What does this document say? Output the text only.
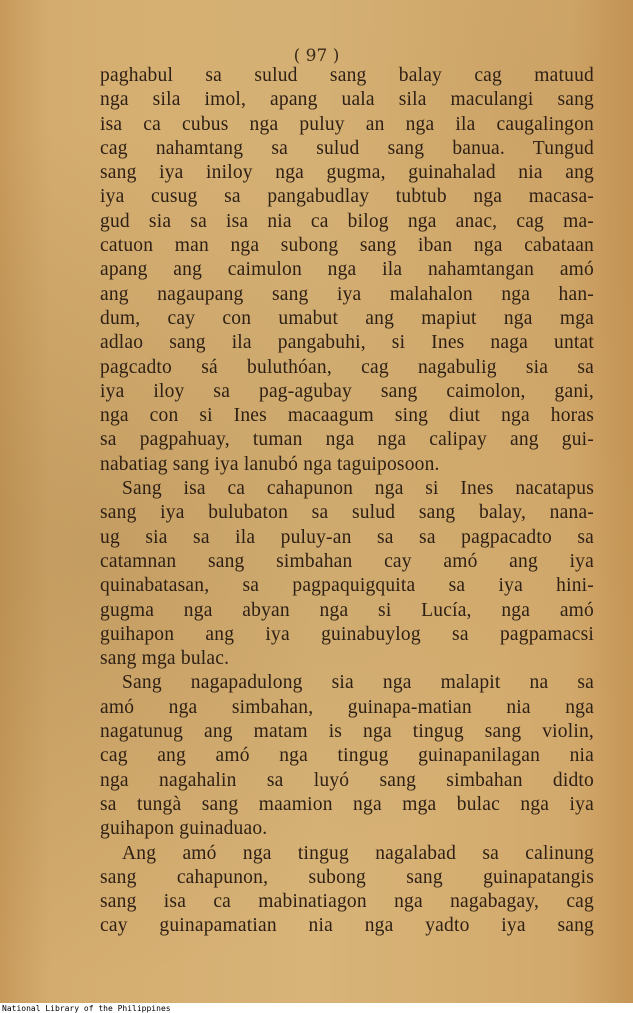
( 97 )
paghabul sa sulud sang balay cag matuud
nga sila imol, apang uala sila maculangi sang
isa ca cubus nga puluy an nga ila caugalingon
cag nahamtang sa sulud sang banua. Tungud
sang iya iniloy nga gugma, guinahalad nia ang
iya cusug sa pangabudlay tubtub nga macasa-
gud sia sa isa nia ca bilog nga anac, cag ma-
catuon man nga subong sang iban nga cabataan
apang ang caimulon nga ila nahamtangan amó
ang nagaupang sang iya malahalon nga han-
dum, cay con umabut ang mapiut nga mga
adlao sang ila pangabuhi, si Ines naga untat
pagcadto sá buluthóan, cag nagabulig sia sa
iya iloy sa pag-agubay sang caimolon, gani,
nga con si Ines macaagum sing diut nga horas
sa pagpahuay, tuman nga nga calipay ang gui-
nabatiag sang iya lanubó nga taguiposoon.
Sang isa ca cahapunon nga si Ines nacatapus
sang iya bulubaton sa sulud sang balay, nana-
ug sia sa ila puluy-an sa sa pagpacadto sa
catamnan sang simbahan cay amó ang iya
quinabatasan, sa pagpaquigquita sa iya hini-
gugma nga abyan nga si Lucía, nga amó
guihapon ang iya guinabuylog sa pagpamacsi
sang mga bulac.
Sang nagapadulong sia nga malapit na sa
amó nga simbahan, guinapa-matian nia nga
nagatunug ang matam is nga tingug sang violin,
cag ang amó nga tingug guinapanilagan nia
nga nagahalin sa luyó sang simbahan didto
sa tungà sang maamion nga mga bulac nga iya
guihapon guinaduao.
Ang amó nga tingug nagalabad sa calinung
sang cahapunon, subong sang guinapatangis
sang isa ca mabinatiagon nga nagabagay, cag
cay guinapamatian nia nga yadto iya sang
National Library of the Philippines
